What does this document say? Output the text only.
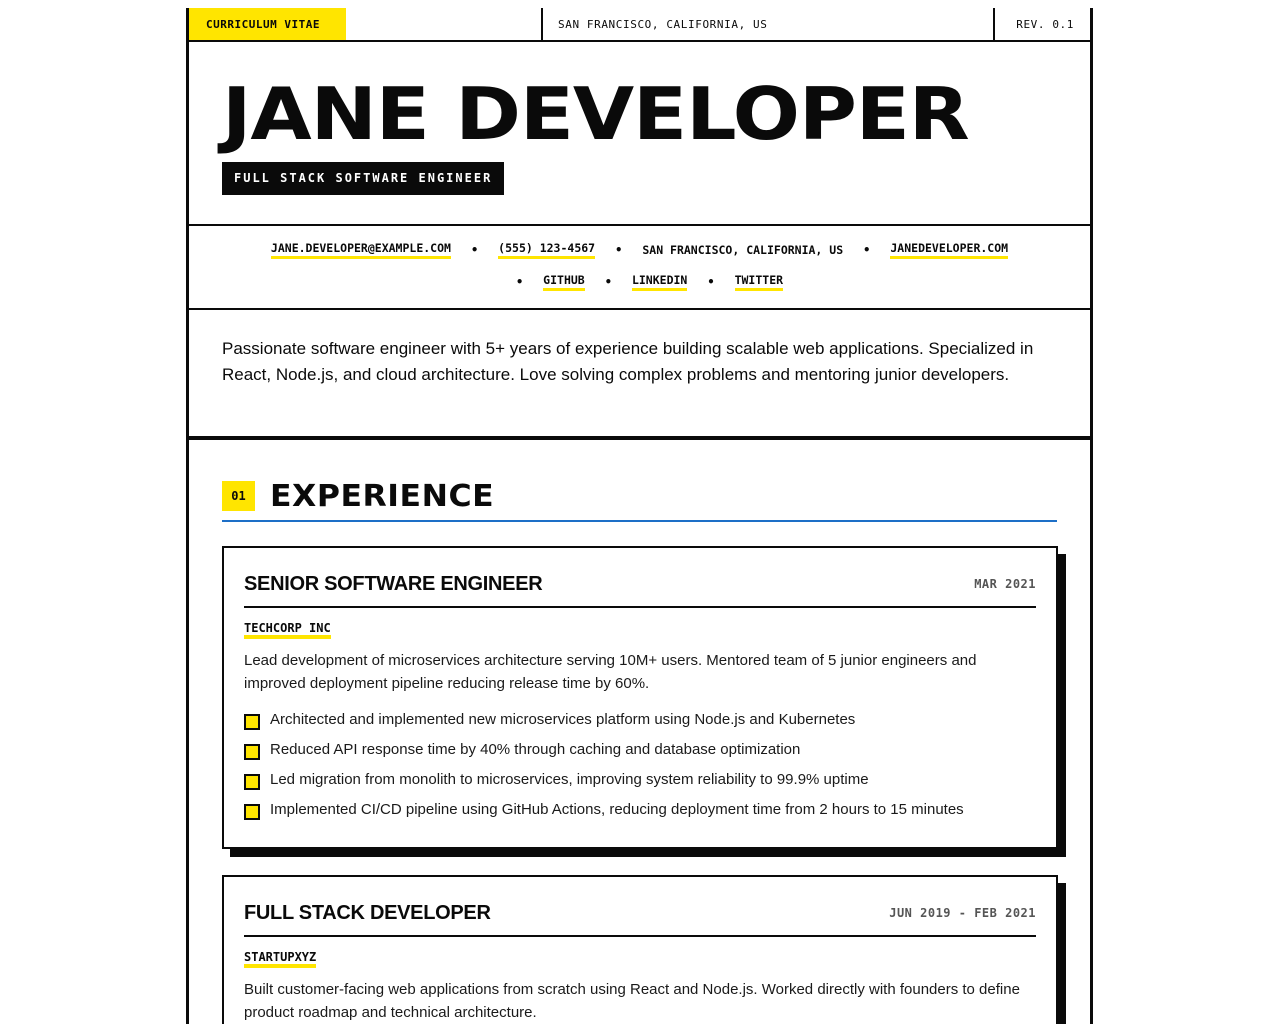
CURRICULUM VITAE	SAN FRANCISCO, CALIFORNIA, US	REV. 0.1
JANE DEVELOPER
FULL STACK SOFTWARE ENGINEER
JANE.DEVELOPER@EXAMPLE.COM • (555) 123-4567 • SAN FRANCISCO, CALIFORNIA, US • JANEDEVELOPER.COM
• GITHUB • LINKEDIN • TWITTER
Passionate software engineer with 5+ years of experience building scalable web applications. Specialized in React, Node.js, and cloud architecture. Love solving complex problems and mentoring junior developers.
01 EXPERIENCE
SENIOR SOFTWARE ENGINEER	MAR 2021
TECHCORP INC
Lead development of microservices architecture serving 10M+ users. Mentored team of 5 junior engineers and improved deployment pipeline reducing release time by 60%.
Architected and implemented new microservices platform using Node.js and Kubernetes
Reduced API response time by 40% through caching and database optimization
Led migration from monolith to microservices, improving system reliability to 99.9% uptime
Implemented CI/CD pipeline using GitHub Actions, reducing deployment time from 2 hours to 15 minutes
FULL STACK DEVELOPER	JUN 2019 - FEB 2021
STARTUPXYZ
Built customer-facing web applications from scratch using React and Node.js. Worked directly with founders to define product roadmap and technical architecture.
